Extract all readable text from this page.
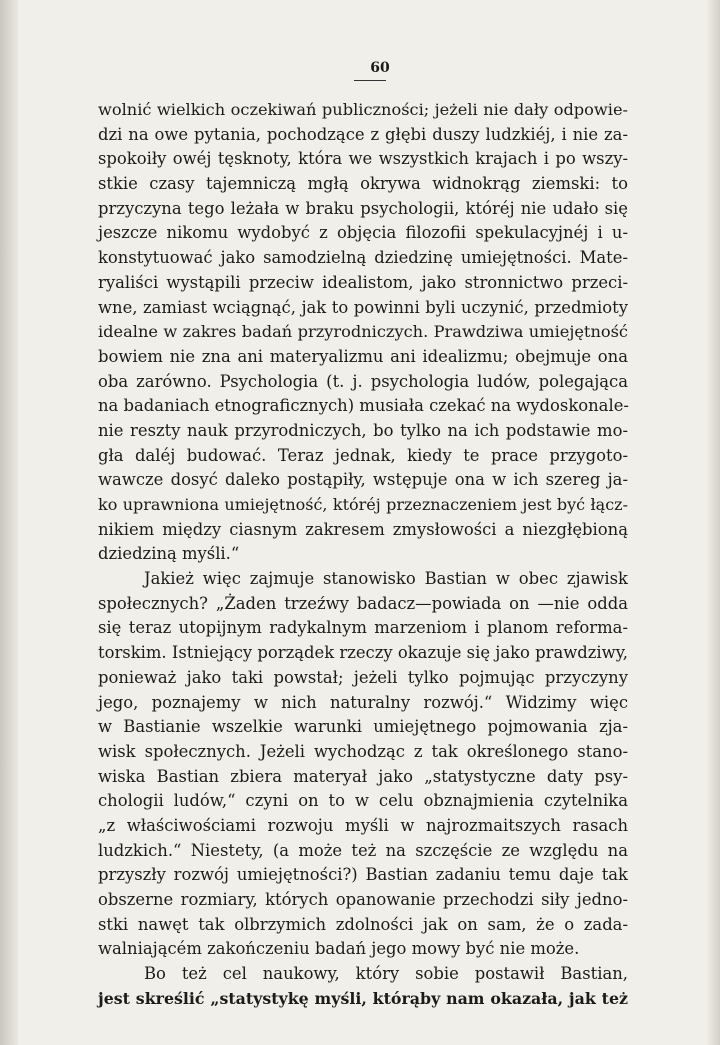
60
wolnić wielkich oczekiwań publiczności; jeżeli nie dały odpowie-
dzi na owe pytania, pochodzące z głębi duszy ludzkiéj, i nie za-
spokoiły owéj tęsknoty, która we wszystkich krajach i po wszy-
stkie czasy tajemniczą mgłą okrywa widnokrąg ziemski: to
przyczyna tego leżała w braku psychologii, któréj nie udało się
jeszcze nikomu wydobyć z objęcia filozofii spekulacyjnéj i u-
konstytuować jako samodzielną dziedzinę umiejętności. Mate-
ryaliści wystąpili przeciw idealistom, jako stronnictwo przeci-
wne, zamiast wciągnąć, jak to powinni byli uczynić, przedmioty
idealne w zakres badań przyrodniczych. Prawdziwa umiejętność
bowiem nie zna ani materyalizmu ani idealizmu; obejmuje ona
oba zarówno. Psychologia (t. j. psychologia ludów, polegająca
na badaniach etnograficznych) musiała czekać na wydoskonale-
nie reszty nauk przyrodniczych, bo tylko na ich podstawie mo-
gła daléj budować. Teraz jednak, kiedy te prace przygoto-
wawcze dosyć daleko postąpiły, wstępuje ona w ich szereg ja-
ko uprawniona umiejętność, któréj przeznaczeniem jest być łącz-
nikiem między ciasnym zakresem zmysłowości a niezgłębioną
dziedziną myśli.“
Jakież więc zajmuje stanowisko Bastian w obec zjawisk
społecznych? „Żaden trzeźwy badacz—powiada on —nie odda
się teraz utopijnym radykalnym marzeniom i planom reforma-
torskim. Istniejący porządek rzeczy okazuje się jako prawdziwy,
ponieważ jako taki powstał; jeżeli tylko pojmując przyczyny
jego, poznajemy w nich naturalny rozwój.“ Widzimy więc
w Bastianie wszelkie warunki umiejętnego pojmowania zja-
wisk społecznych. Jeżeli wychodząc z tak określonego stano-
wiska Bastian zbiera materyał jako „statystyczne daty psy-
chologii ludów,“ czyni on to w celu obznajmienia czytelnika
„z właściwościami rozwoju myśli w najrozmaitszych rasach
ludzkich.“ Niestety, (a może też na szczęście ze względu na
przyszły rozwój umiejętności?) Bastian zadaniu temu daje tak
obszerne rozmiary, których opanowanie przechodzi siły jedno-
stki nawęt tak olbrzymich zdolności jak on sam, że o zada-
walniającém zakończeniu badań jego mowy być nie może.
Bo też cel naukowy, który sobie postawił Bastian,
jest skreślić „statystykę myśli, którąby nam okazała, jak też
